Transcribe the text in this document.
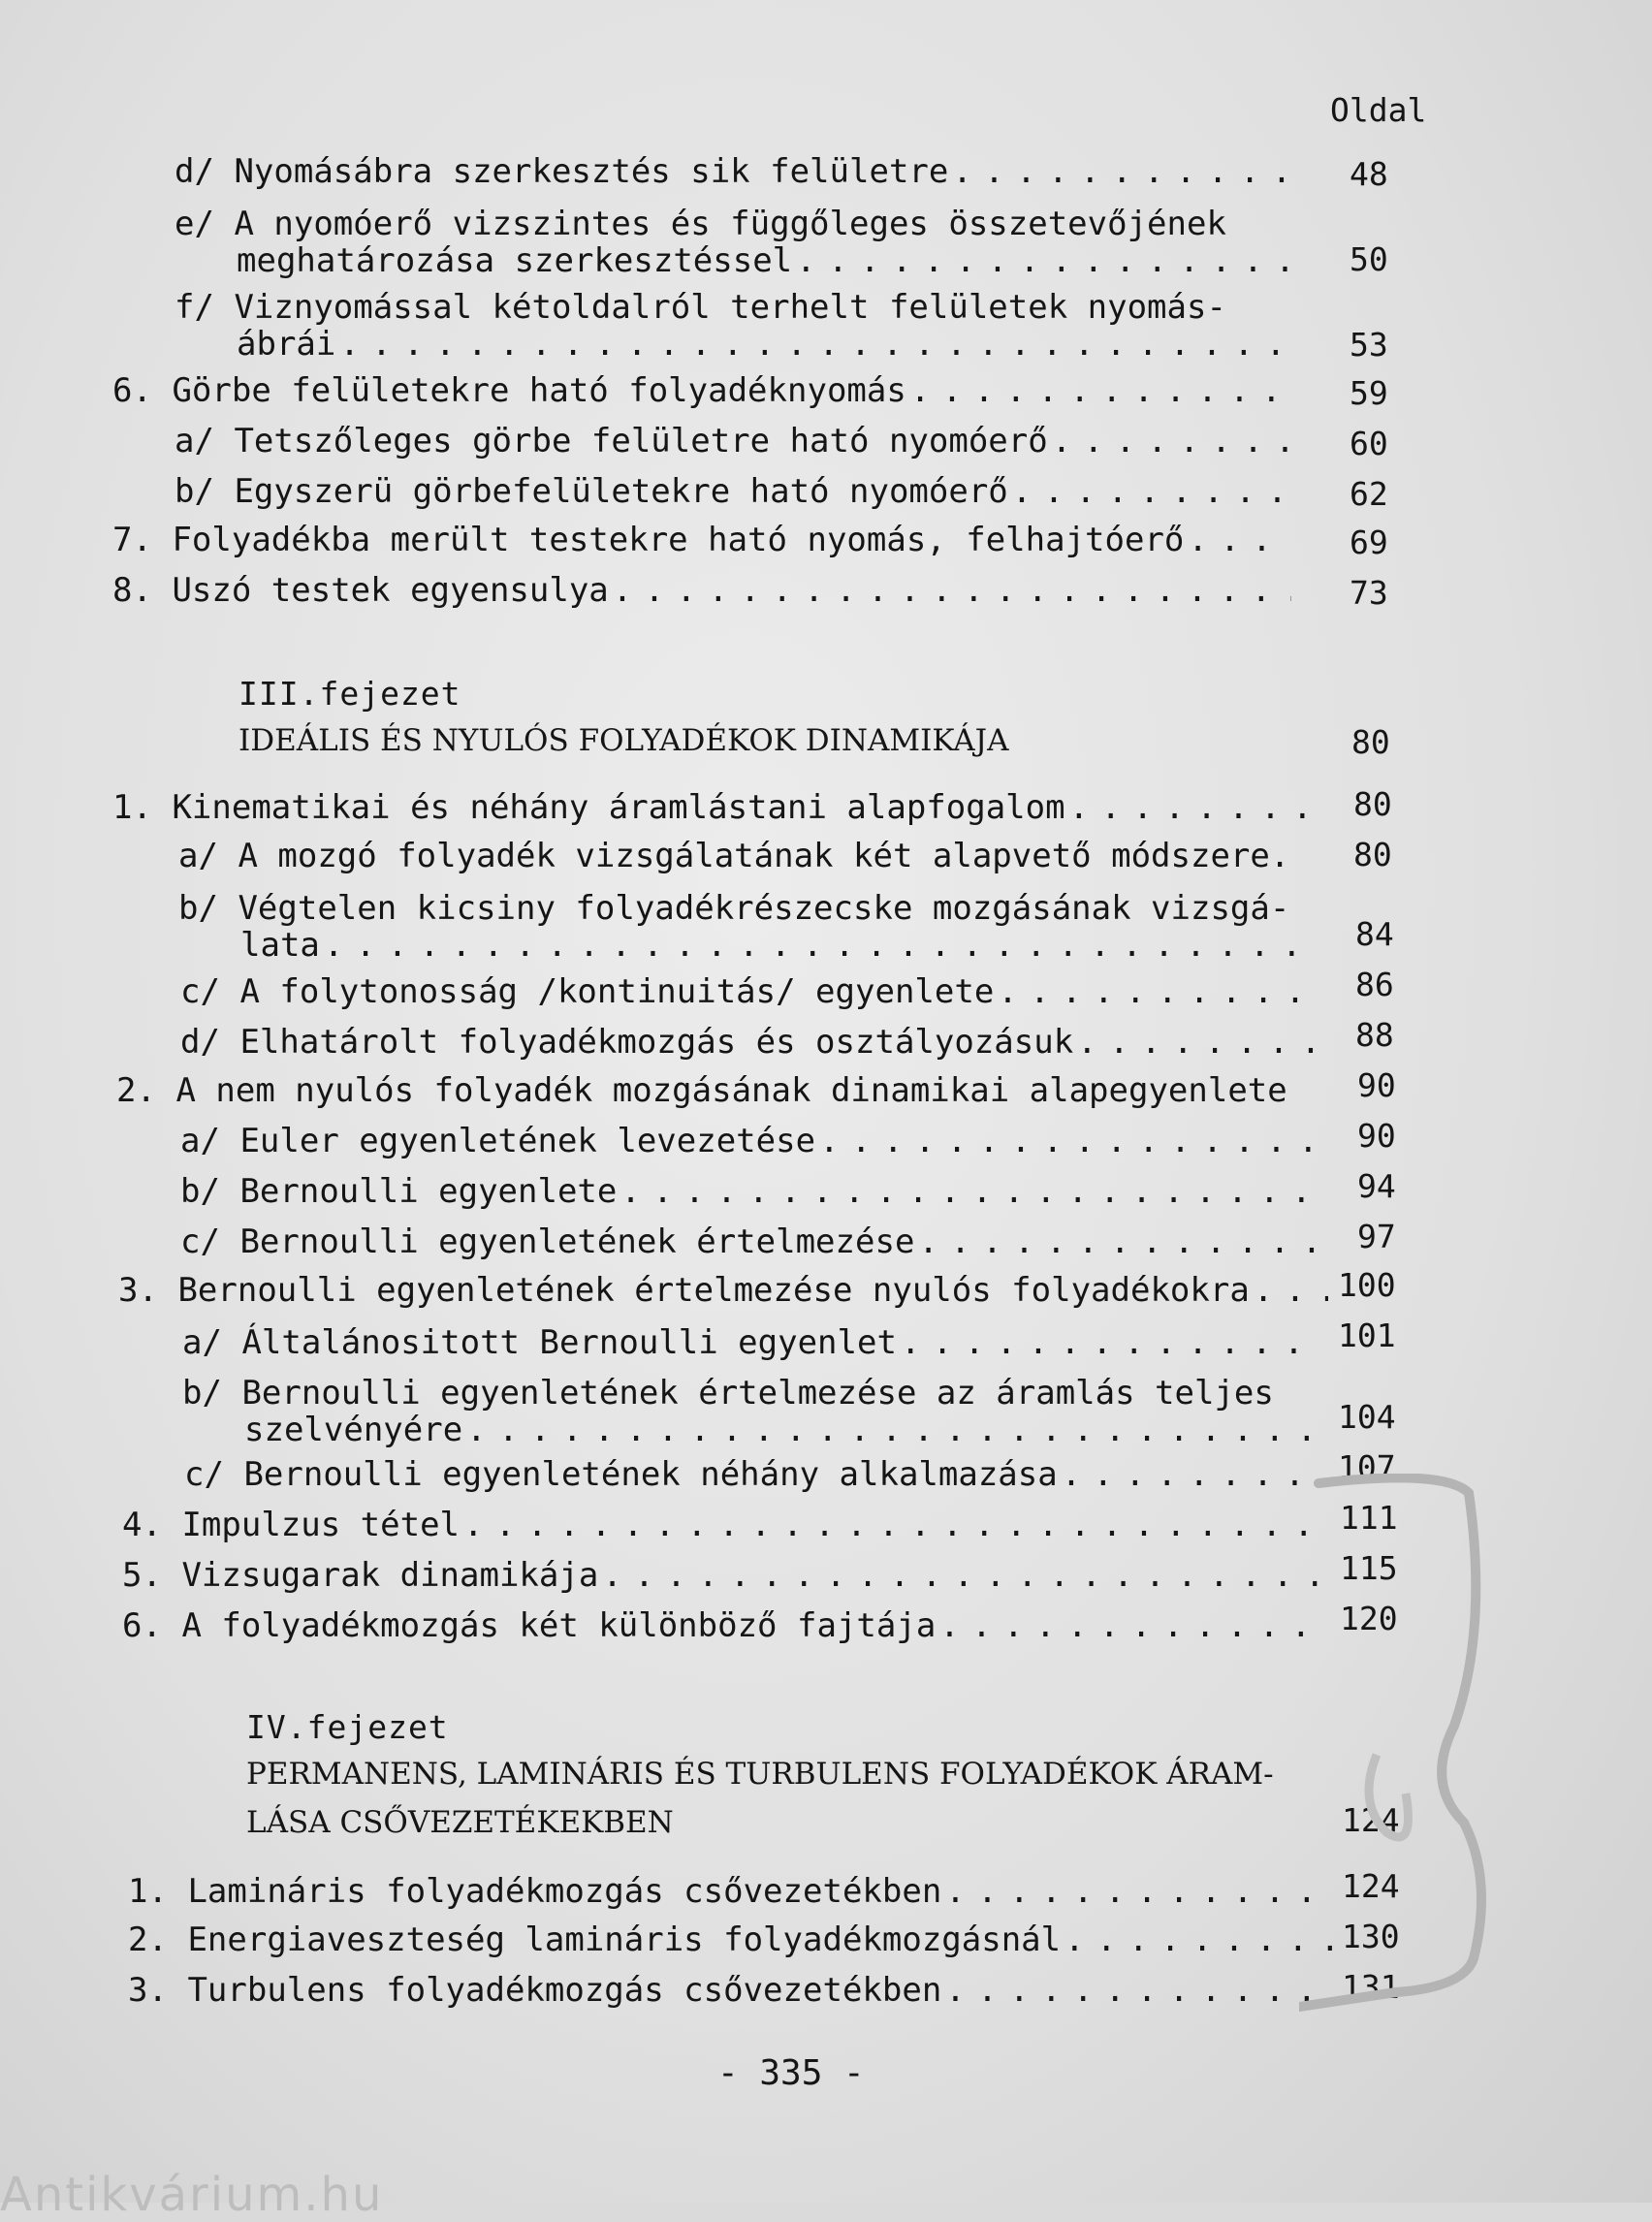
Oldal
d/
Nyomásábra szerkesztés sik felületre . . .	48
e/
A nyomóerő vizszintes és függőleges összetevőjének
meghatározása szerkesztéssel . . .	50
f/
Viznyomással kétoldalról terhelt felületek nyomás-
ábrái . . .	53
6.
Görbe felületekre ható folyadéknyomás . . .	59
a/
Tetszőleges görbe felületre ható nyomóerő . . .	60
b/
Egyszerü görbefelületekre ható nyomóerő . . .	62
7.
Folyadékba merült testekre ható nyomás, felhajtóerő . . .	69
8.
Uszó testek egyensulya . . .	73
III.fejezet
IDEÁLIS ÉS NYULÓS FOLYADÉKOK DINAMIKÁJA	80
1.
Kinematikai és néhány áramlástani alapfogalom . . .	80
a/
A mozgó folyadék vizsgálatának két alapvető módszere. 80
b/
Végtelen kicsiny folyadékrészecske mozgásának vizsgá-
lata . . .	84
c/
A folytonosság /kontinuitás/ egyenlete . . .	86
d/
Elhatárolt folyadékmozgás és osztályozásuk . . .	88
2.
A nem nyulós folyadék mozgásának dinamikai alapegyenlete 90
a/
Euler egyenletének levezetése . . .	90
b/
Bernoulli egyenlete . . .	94
c/
Bernoulli egyenletének értelmezése . . .	97
3.
Bernoulli egyenletének értelmezése nyulós folyadékokra . . .	100
a/
Általánositott Bernoulli egyenlet . . .	101
b/
Bernoulli egyenletének értelmezése az áramlás teljes
szelvényére . . .	104
c/
Bernoulli egyenletének néhány alkalmazása . . .	107
4.
Impulzus tétel . . .	111
5.
Vizsugarak dinamikája . . .	115
6.
A folyadékmozgás két különböző fajtája . . .	120
IV.fejezet
PERMANENS, LAMINÁRIS ÉS TURBULENS FOLYADÉKOK ÁRAM-
LÁSA CSŐVEZETÉKEKBEN	124
1.
Lamináris folyadékmozgás csővezetékben . . .	124
2.
Energiaveszteség lamináris folyadékmozgásnál . . .	130
3.
Turbulens folyadékmozgás csővezetékben . . .	131
- 335 -
Antikvárium.hu
